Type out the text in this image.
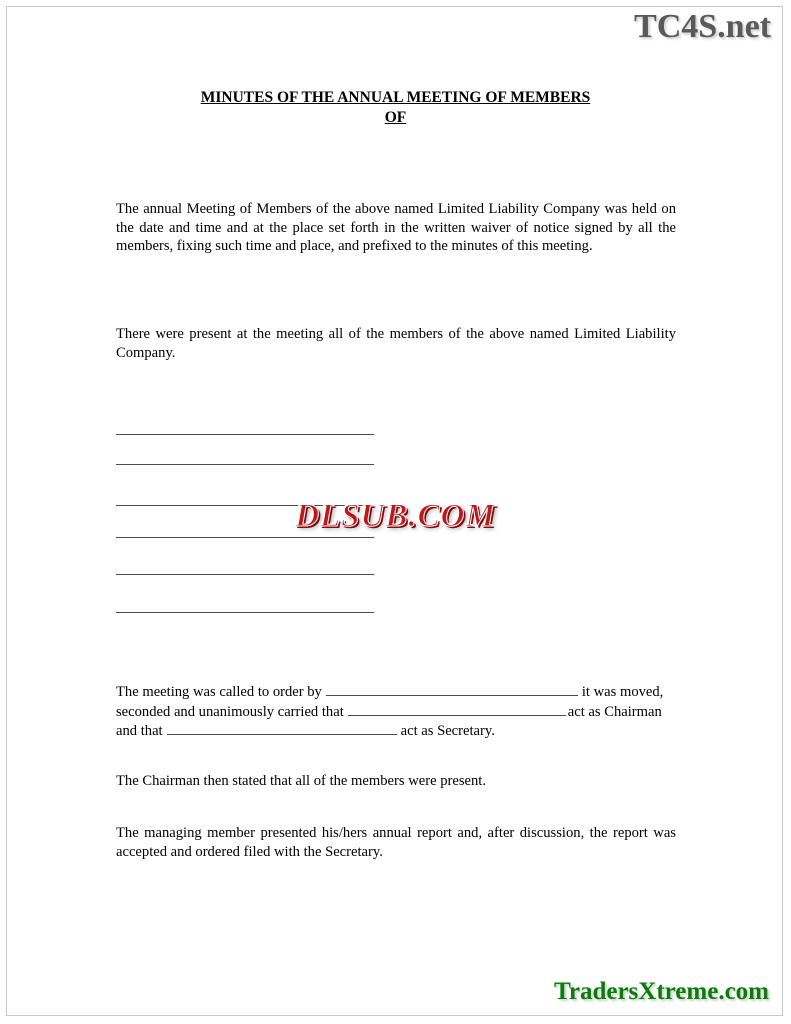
TC4S.net
MINUTES OF THE ANNUAL MEETING OF MEMBERS
OF
The annual Meeting of Members of the above named Limited Liability Company was held on the date and time and at the place set forth in the written waiver of notice signed by all the members, fixing such time and place, and prefixed to the minutes of this meeting.
There were present at the meeting all of the members of the above named Limited Liability Company.
DLSUB.COM
The meeting was called to order by	it was moved, seconded and unanimously carried that	act as Chairman and that	act as Secretary.
The Chairman then stated that all of the members were present.
The managing member presented his/hers annual report and, after discussion, the report was accepted and ordered filed with the Secretary.
TradersXtreme.com
